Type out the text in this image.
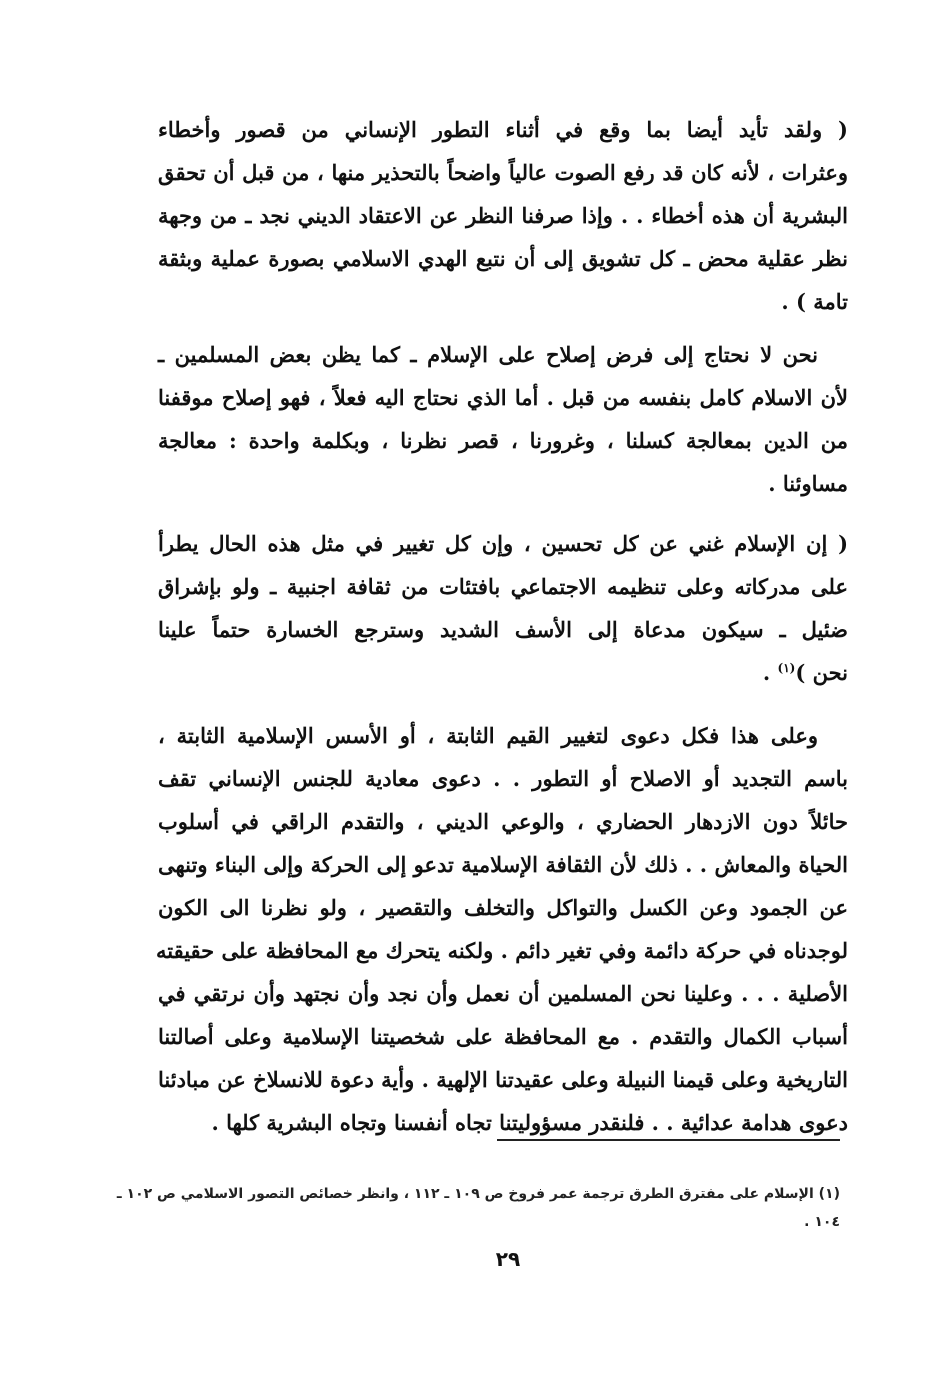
( ولقد تأيد أيضا بما وقع في أثناء التطور الإنساني من قصور وأخطاء
وعثرات ، لأنه كان قد رفع الصوت عالياً واضحاً بالتحذير منها ، من قبل أن تحقق
البشرية أن هذه أخطاء . . وإذا صرفنا النظر عن الاعتقاد الديني نجد ـ من وجهة
نظر عقلية محض ـ كل تشويق إلى أن نتبع الهدي الاسلامي بصورة عملية وبثقة
تامة ) .
نحن لا نحتاج إلى فرض إصلاح على الإسلام ـ كما يظن بعض المسلمين ـ
لأن الاسلام كامل بنفسه من قبل . أما الذي نحتاج اليه فعلاً ، فهو إصلاح موقفنا
من الدين بمعالجة كسلنا ، وغرورنا ، قصر نظرنا ، وبكلمة واحدة : معالجة
مساوئنا .
( إن الإسلام غني عن كل تحسين ، وإن كل تغيير في مثل هذه الحال يطرأ
على مدركاته وعلى تنظيمه الاجتماعي بافتئات من ثقافة اجنبية ـ ولو بإشراق
ضئيل ـ سيكون مدعاة إلى الأسف الشديد وسترجع الخسارة حتماً علينا
نحن )$^{(١)}$ .
وعلى هذا فكل دعوى لتغيير القيم الثابتة ، أو الأسس الإسلامية الثابتة ،
باسم التجديد أو الاصلاح أو التطور . . دعوى معادية للجنس الإنساني تقف
حائلاً دون الازدهار الحضاري ، والوعي الديني ، والتقدم الراقي في أسلوب
الحياة والمعاش . . ذلك لأن الثقافة الإسلامية تدعو إلى الحركة وإلى البناء وتنهى
عن الجمود وعن الكسل والتواكل والتخلف والتقصير ، ولو نظرنا الى الكون
لوجدناه في حركة دائمة وفي تغير دائم . ولكنه يتحرك مع المحافظة على حقيقته
الأصلية . . . وعلينا نحن المسلمين أن نعمل وأن نجد وأن نجتهد وأن نرتقي في
أسباب الكمال والتقدم . مع المحافظة على شخصيتنا الإسلامية وعلى أصالتنا
التاريخية وعلى قيمنا النبيلة وعلى عقيدتنا الإلهية . وأية دعوة للانسلاخ عن مبادئنا
دعوى هدامة عدائية . . فلنقدر مسؤوليتنا تجاه أنفسنا وتجاه البشرية كلها .
(١) الإسلام على مفترق الطرق ترجمة عمر فروخ ص ١٠٩ ـ ١١٢ ، وانظر خصائص التصور الاسلامي ص ١٠٢ ـ
١٠٤ .
٢٩
